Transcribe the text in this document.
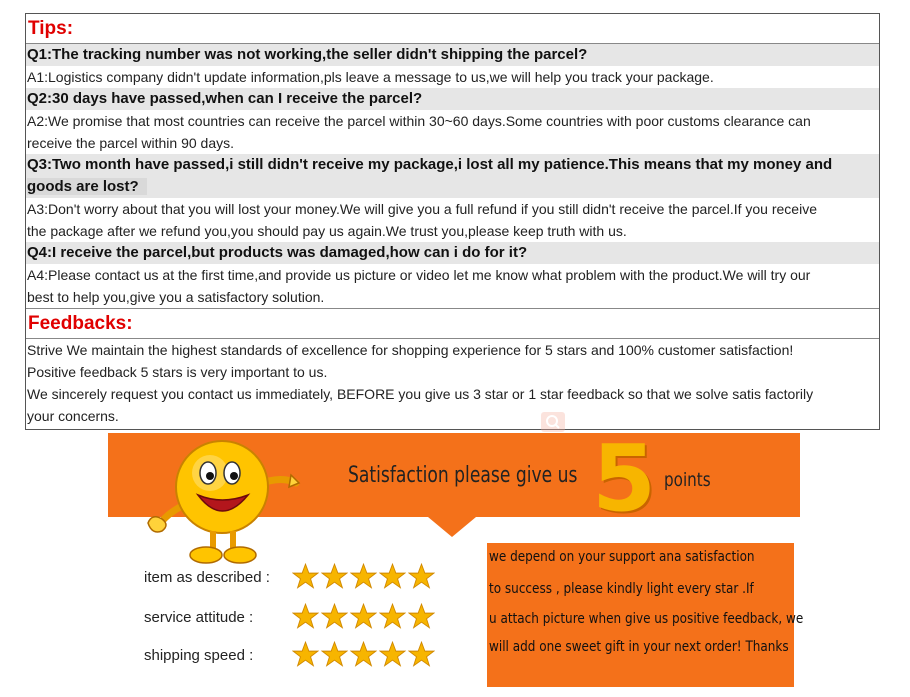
Tips:
Q1:The tracking number was not working,the seller didn't shipping the parcel?
A1:Logistics company didn't update information,pls leave a message to us,we will help you track your package.
Q2:30 days have passed,when can I receive the parcel?
A2:We promise that most countries can receive the parcel within 30~60 days.Some countries with poor customs clearance can
receive the parcel within 90 days.
Q3:Two month have passed,i still didn't receive my package,i lost all my patience.This means that my money and
goods are lost?
A3:Don't worry about that you will lost your money.We will give you a full refund if you still didn't receive the parcel.If you receive
the package after we refund you,you should pay us again.We trust you,please keep truth with us.
Q4:I receive the parcel,but products was damaged,how can i do for it?
A4:Please contact us at the first time,and provide us picture or video let me know what problem with the product.We will try our
best to help you,give you a satisfactory solution.
Feedbacks:
Strive We maintain the highest standards of excellence for shopping experience for 5 stars and 100% customer satisfaction!
Positive feedback 5 stars is very important to us.
We sincerely request you contact us immediately, BEFORE you give us 3 star or 1 star feedback so that we solve satis factorily
your concerns.
Satisfaction please give us 5 points
item as described :
service attitude :
shipping speed :
we depend on your support ana satisfaction
to success , please kindly light every star .If
u attach picture when give us positive feedback, we
will add one sweet gift in your next order! Thanks
